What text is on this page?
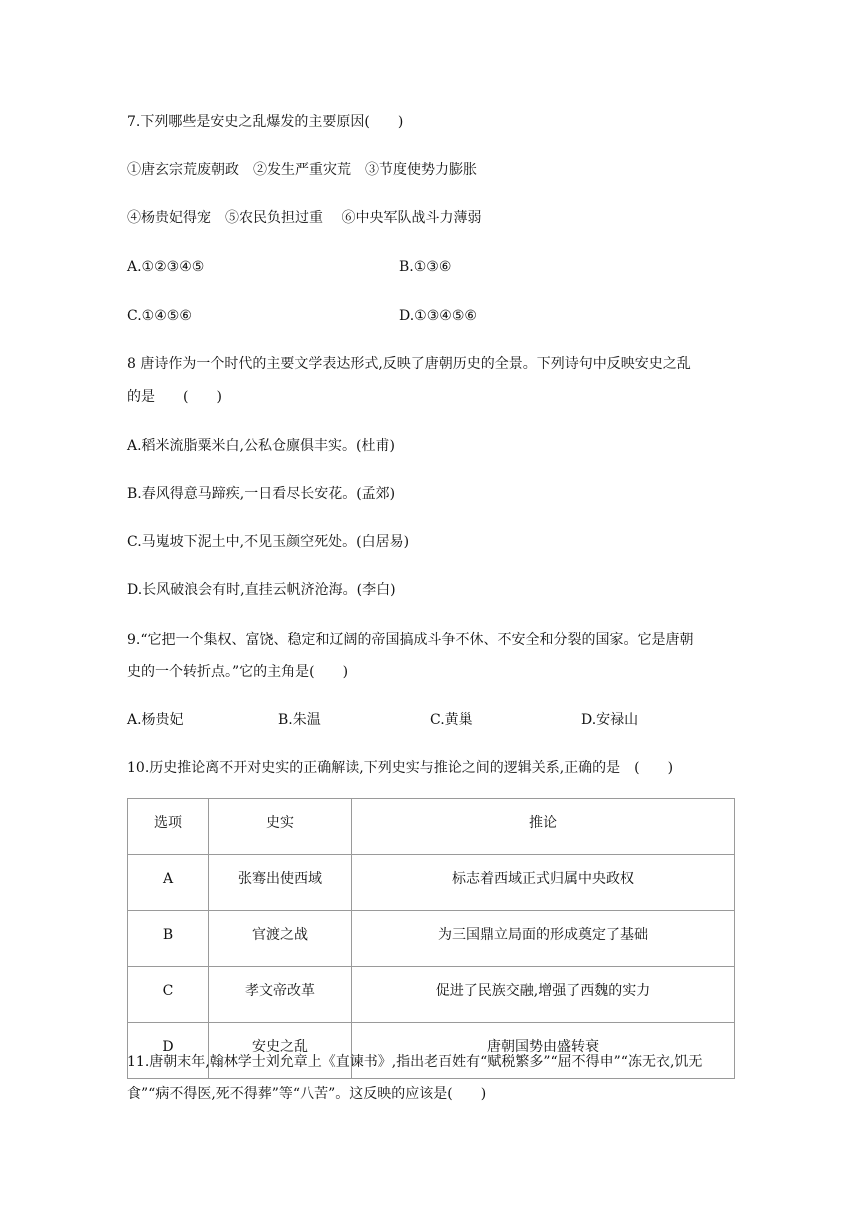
7.下列哪些是安史之乱爆发的主要原因(　　)
①唐玄宗荒废朝政　②发生严重灾荒　③节度使势力膨胀
④杨贵妃得宠　⑤农民负担过重　 ⑥中央军队战斗力薄弱
A.①②③④⑤	B.①③⑥
C.①④⑤⑥	D.①③④⑤⑥
8 唐诗作为一个时代的主要文学表达形式,反映了唐朝历史的全景。下列诗句中反映安史之乱
的是　　(　　)
A.稻米流脂粟米白,公私仓廪俱丰实。(杜甫)
B.春风得意马蹄疾,一日看尽长安花。(孟郊)
C.马嵬坡下泥土中,不见玉颜空死处。(白居易)
D.长风破浪会有时,直挂云帆济沧海。(李白)
9.“它把一个集权、富饶、稳定和辽阔的帝国搞成斗争不休、不安全和分裂的国家。它是唐朝
史的一个转折点。”它的主角是(　　)
A.杨贵妃	B.朱温	C.黄巢	D.安禄山
10.历史推论离不开对史实的正确解读,下列史实与推论之间的逻辑关系,正确的是　(　　)
选项	史实	推论
A	张骞出使西域	标志着西域正式归属中央政权
B	官渡之战	为三国鼎立局面的形成奠定了基础
C	孝文帝改革	促进了民族交融,增强了西魏的实力
D	安史之乱	唐朝国势由盛转衰
11.唐朝末年,翰林学士刘允章上《直谏书》,指出老百姓有“赋税繁多”“屈不得申”“冻无衣,饥无
食”“病不得医,死不得葬”等“八苦”。这反映的应该是(　　)
